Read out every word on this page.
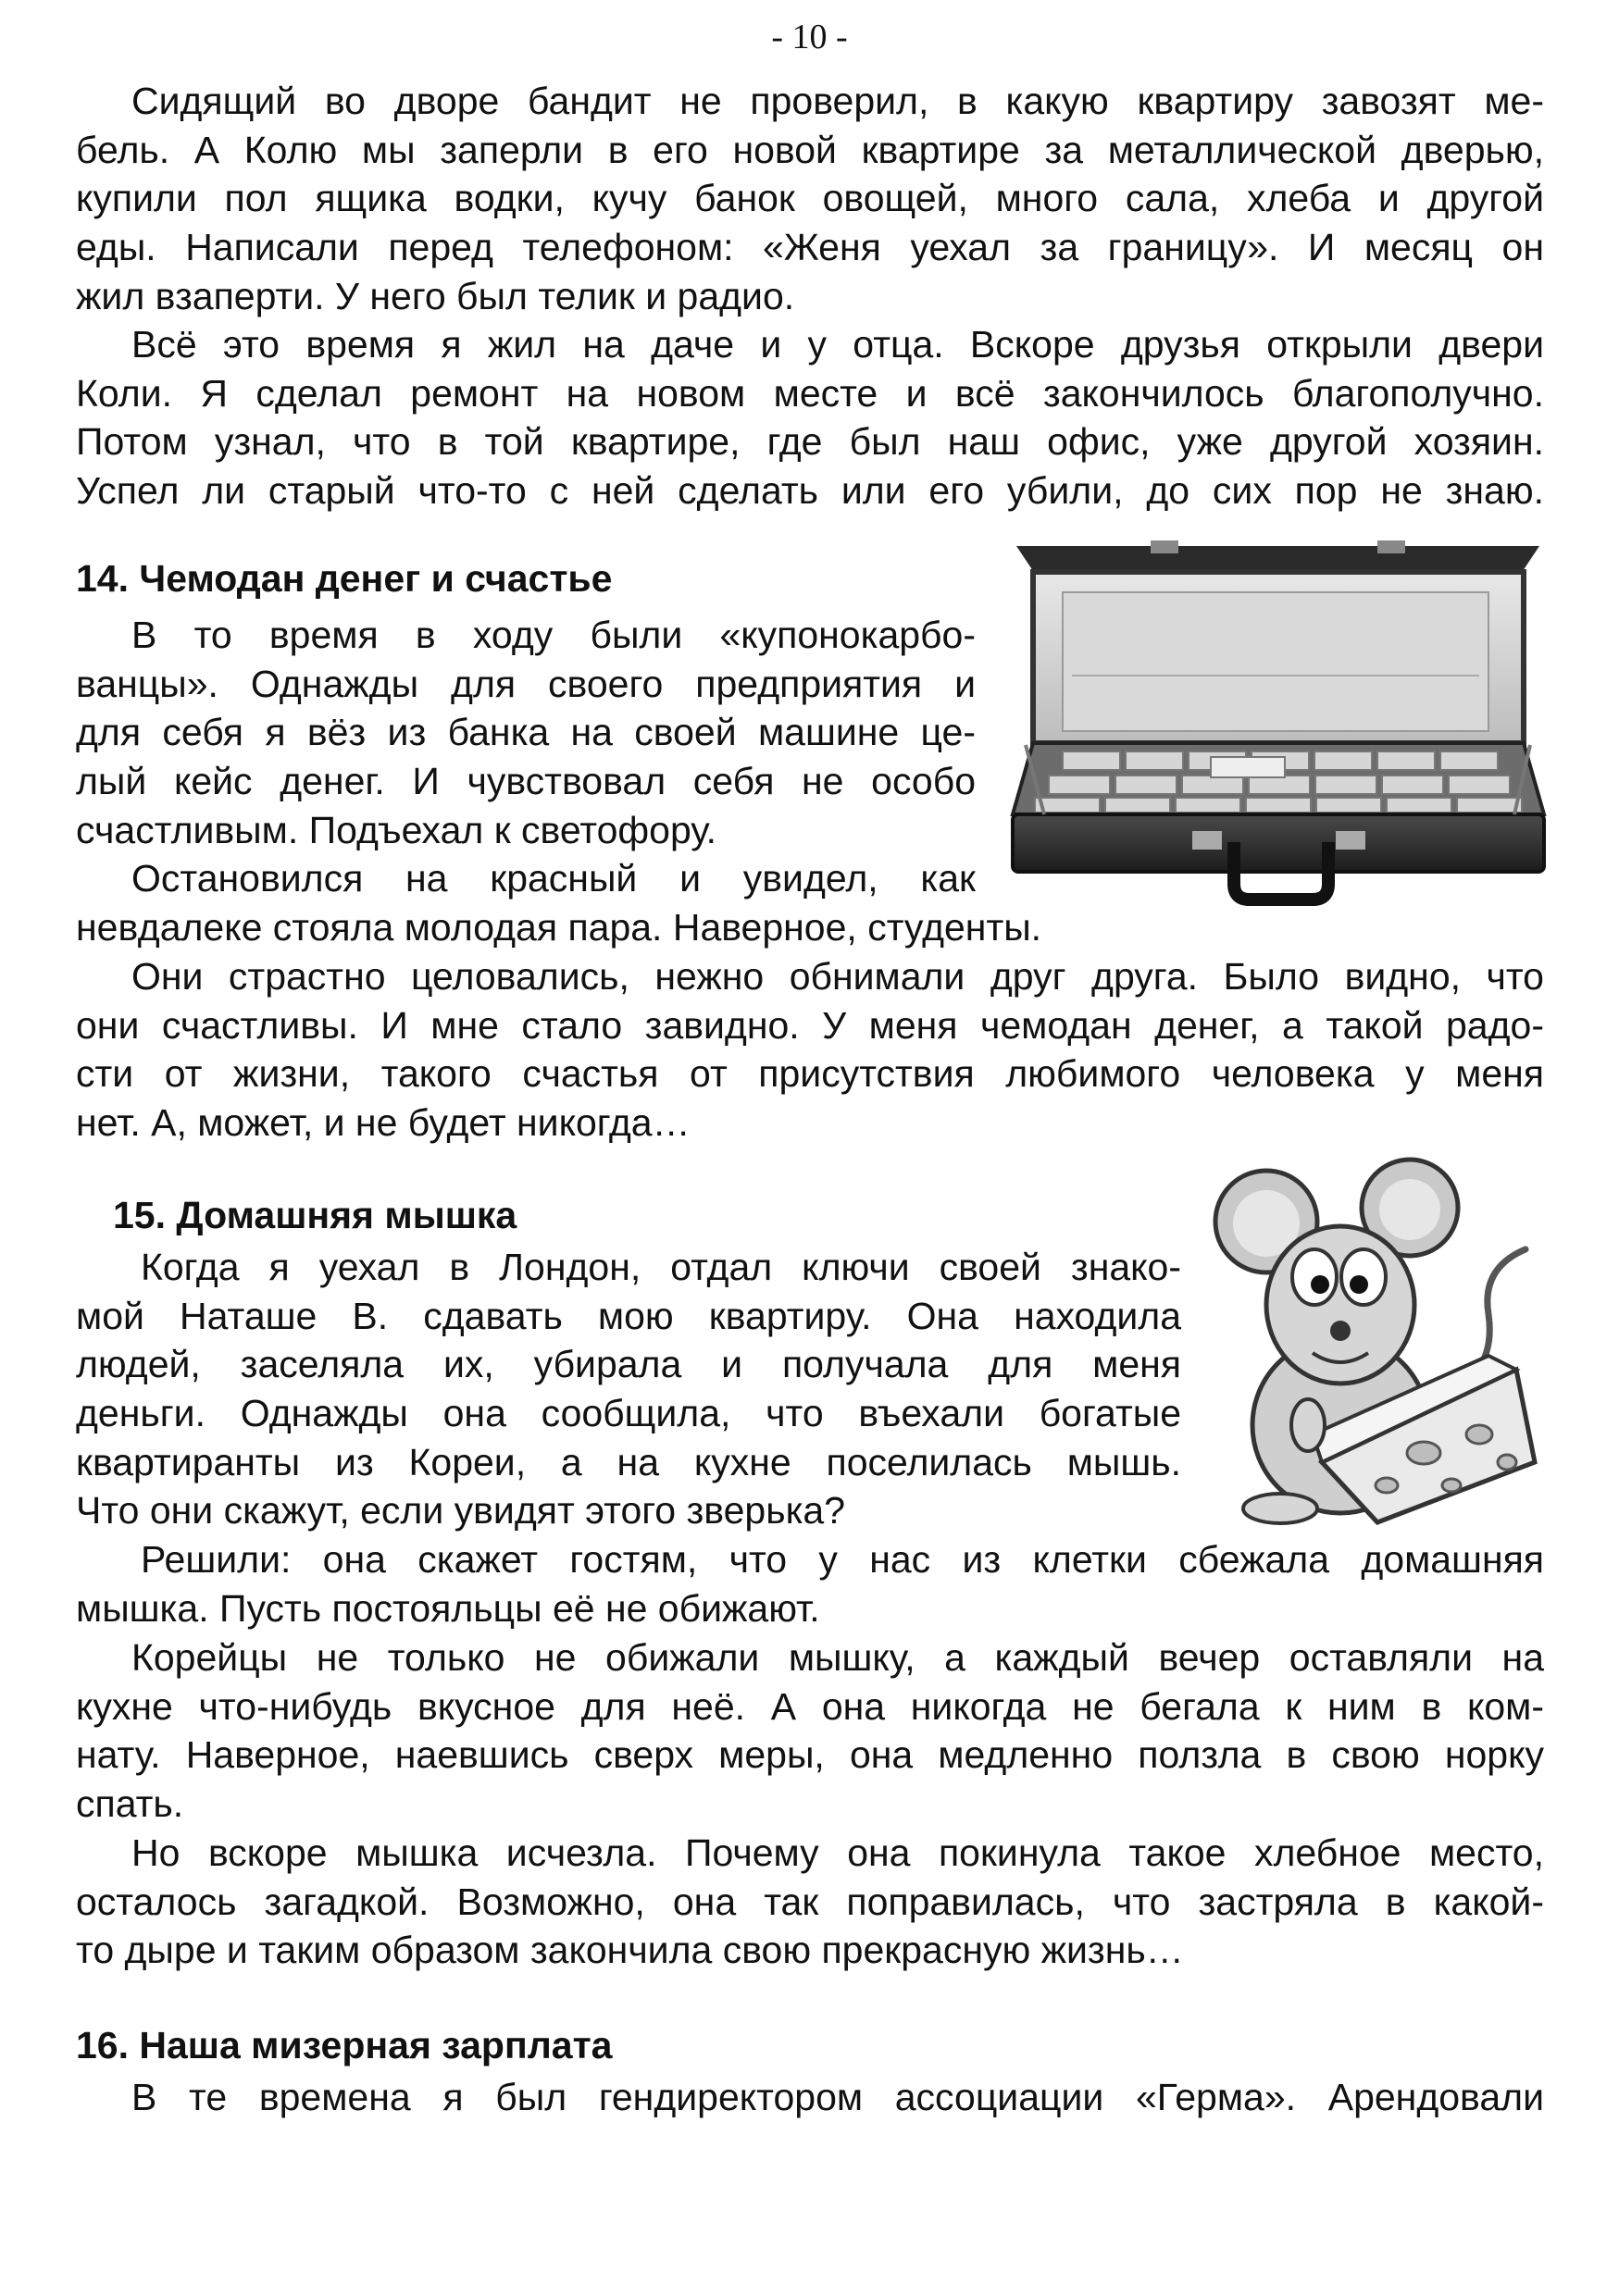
- 10 -
Сидящий во дворе бандит не проверил, в какую квартиру завозят ме-
бель. А Колю мы заперли в его новой квартире за металлической дверью,
купили пол ящика водки, кучу банок овощей, много сала, хлеба и другой
еды. Написали перед телефоном: «Женя уехал за границу». И месяц он
жил взаперти. У него был телик и радио.
Всё это время я жил на даче и у отца. Вскоре друзья открыли двери
Коли. Я сделал ремонт на новом месте и всё закончилось благополучно.
Потом узнал, что в той квартире, где был наш офис, уже другой хозяин.
Успел ли старый что-то с ней сделать или его убили, до сих пор не знаю.
14. Чемодан денег и счастье
В то время в ходу были «купонокарбо-
ванцы». Однажды для своего предприятия и
для себя я вёз из банка на своей машине це-
лый кейс денег. И чувствовал себя не особо
счастливым. Подъехал к светофору.
Остановился на красный и увидел, как
невдалеке стояла молодая пара. Наверное, студенты.
Они страстно целовались, нежно обнимали друг друга. Было видно, что
они счастливы. И мне стало завидно. У меня чемодан денег, а такой радо-
сти от жизни, такого счастья от присутствия любимого человека у меня
нет. А, может, и не будет никогда…
15. Домашняя мышка
Когда я уехал в Лондон, отдал ключи своей знако-
мой Наташе В. сдавать мою квартиру. Она находила
людей, заселяла их, убирала и получала для меня
деньги. Однажды она сообщила, что въехали богатые
квартиранты из Кореи, а на кухне поселилась мышь.
Что они скажут, если увидят этого зверька?
Решили: она скажет гостям, что у нас из клетки сбежала домашняя
мышка. Пусть постояльцы её не обижают.
Корейцы не только не обижали мышку, а каждый вечер оставляли на
кухне что-нибудь вкусное для неё. А она никогда не бегала к ним в ком-
нату. Наверное, наевшись сверх меры, она медленно ползла в свою норку
спать.
Но вскоре мышка исчезла. Почему она покинула такое хлебное место,
осталось загадкой. Возможно, она так поправилась, что застряла в какой-
то дыре и таким образом закончила свою прекрасную жизнь…
16. Наша мизерная зарплата
В те времена я был гендиректором ассоциации «Герма». Арендовали
